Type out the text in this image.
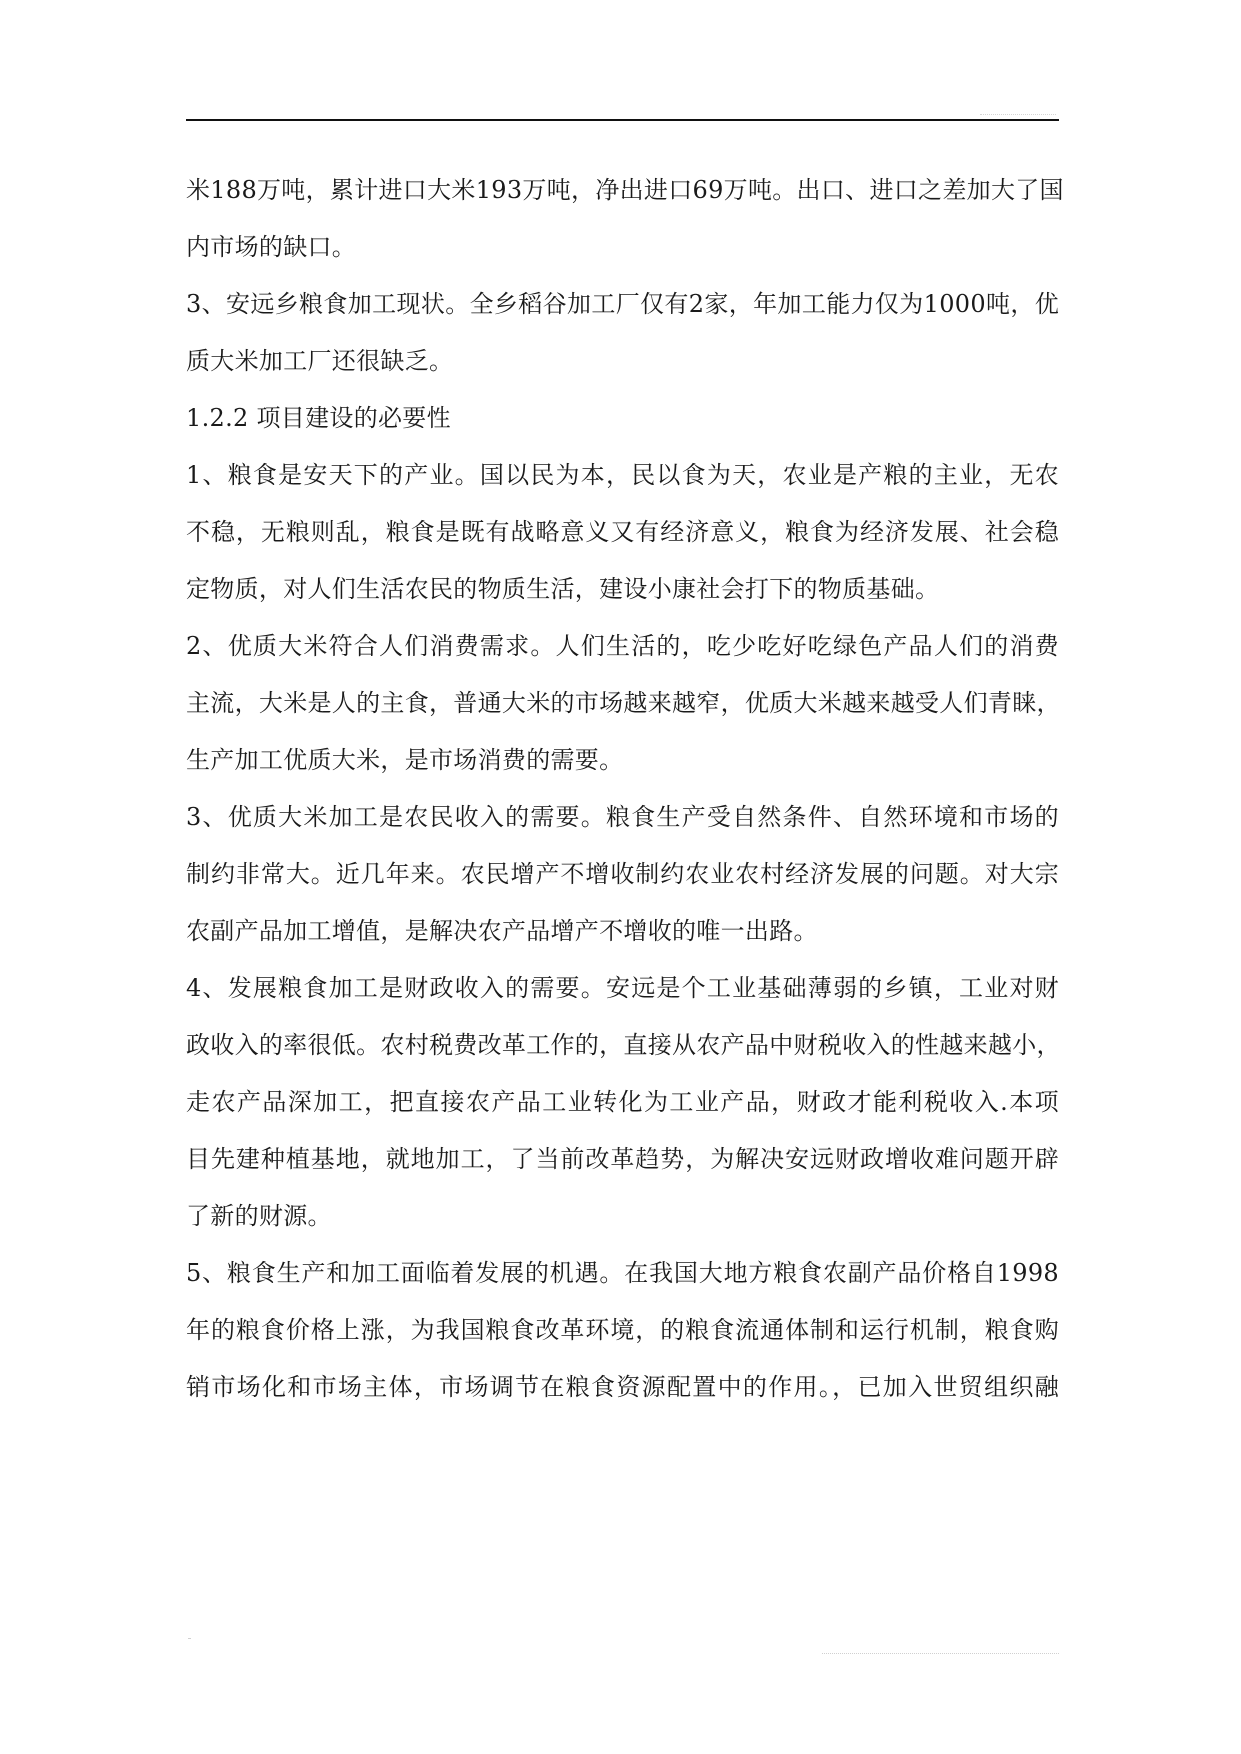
米188万吨，累计进口大米193万吨，净出进口69万吨。出口、进口之差加大了国
内市场的缺口。
3、安远乡粮食加工现状。全乡稻谷加工厂仅有2家，年加工能力仅为1000吨，优
质大米加工厂还很缺乏。
1.2.2 项目建设的必要性
1、粮食是安天下的产业。国以民为本，民以食为天，农业是产粮的主业，无农
不稳，无粮则乱，粮食是既有战略意义又有经济意义，粮食为经济发展、社会稳
定物质，对人们生活农民的物质生活，建设小康社会打下的物质基础。
2、优质大米符合人们消费需求。人们生活的，吃少吃好吃绿色产品人们的消费
主流，大米是人的主食，普通大米的市场越来越窄，优质大米越来越受人们青睐，
生产加工优质大米，是市场消费的需要。
3、优质大米加工是农民收入的需要。粮食生产受自然条件、自然环境和市场的
制约非常大。近几年来。农民增产不增收制约农业农村经济发展的问题。对大宗
农副产品加工增值，是解决农产品增产不增收的唯一出路。
4、发展粮食加工是财政收入的需要。安远是个工业基础薄弱的乡镇，工业对财
政收入的率很低。农村税费改革工作的，直接从农产品中财税收入的性越来越小，
走农产品深加工，把直接农产品工业转化为工业产品，财政才能利税收入.本项
目先建种植基地，就地加工，了当前改革趋势，为解决安远财政增收难问题开辟
了新的财源。
5、粮食生产和加工面临着发展的机遇。在我国大地方粮食农副产品价格自1998
年的粮食价格上涨，为我国粮食改革环境，的粮食流通体制和运行机制，粮食购
销市场化和市场主体，市场调节在粮食资源配置中的作用。，已加入世贸组织融
